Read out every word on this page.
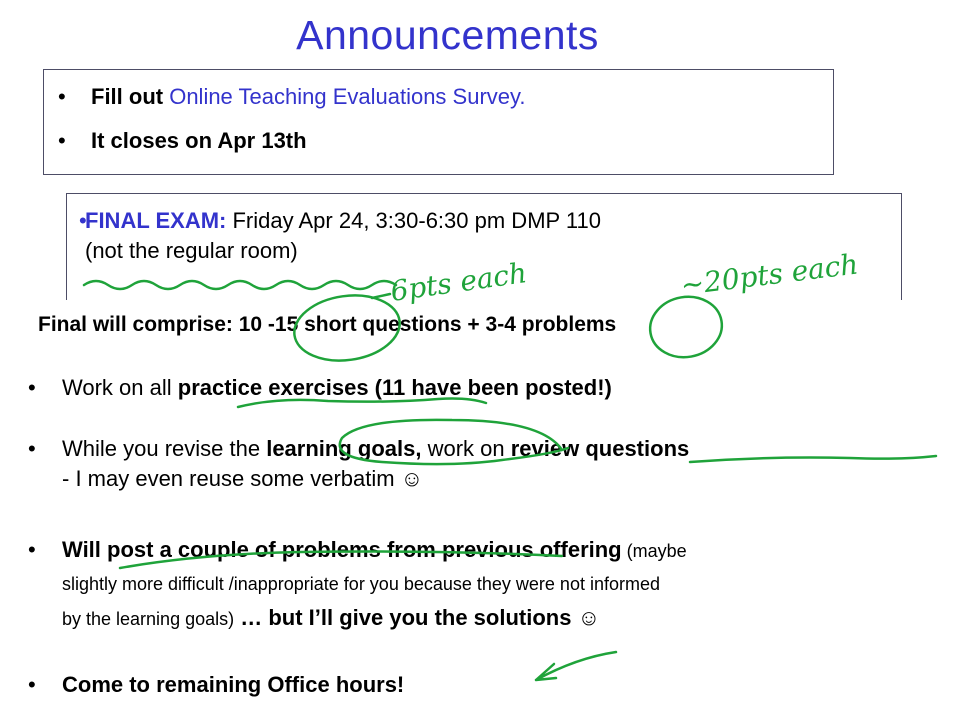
Announcements
• Fill out Online Teaching Evaluations Survey.
• It closes on Apr 13th
•
FINAL EXAM: Friday Apr 24, 3:30-6:30 pm DMP 110
(not the regular room)
Final will comprise: 10 -15 short questions + 3-4 problems
• Work on all practice exercises (11 have been posted!)
• While you revise the learning goals, work on review questions
- I may even reuse some verbatim ☺
• Will post a couple of problems from previous offering (maybe
slightly more difficult /inappropriate for you because they were not informed
by the learning goals) … but I’ll give you the solutions ☺
• Come to remaining Office hours!
6pts each	~20pts each
